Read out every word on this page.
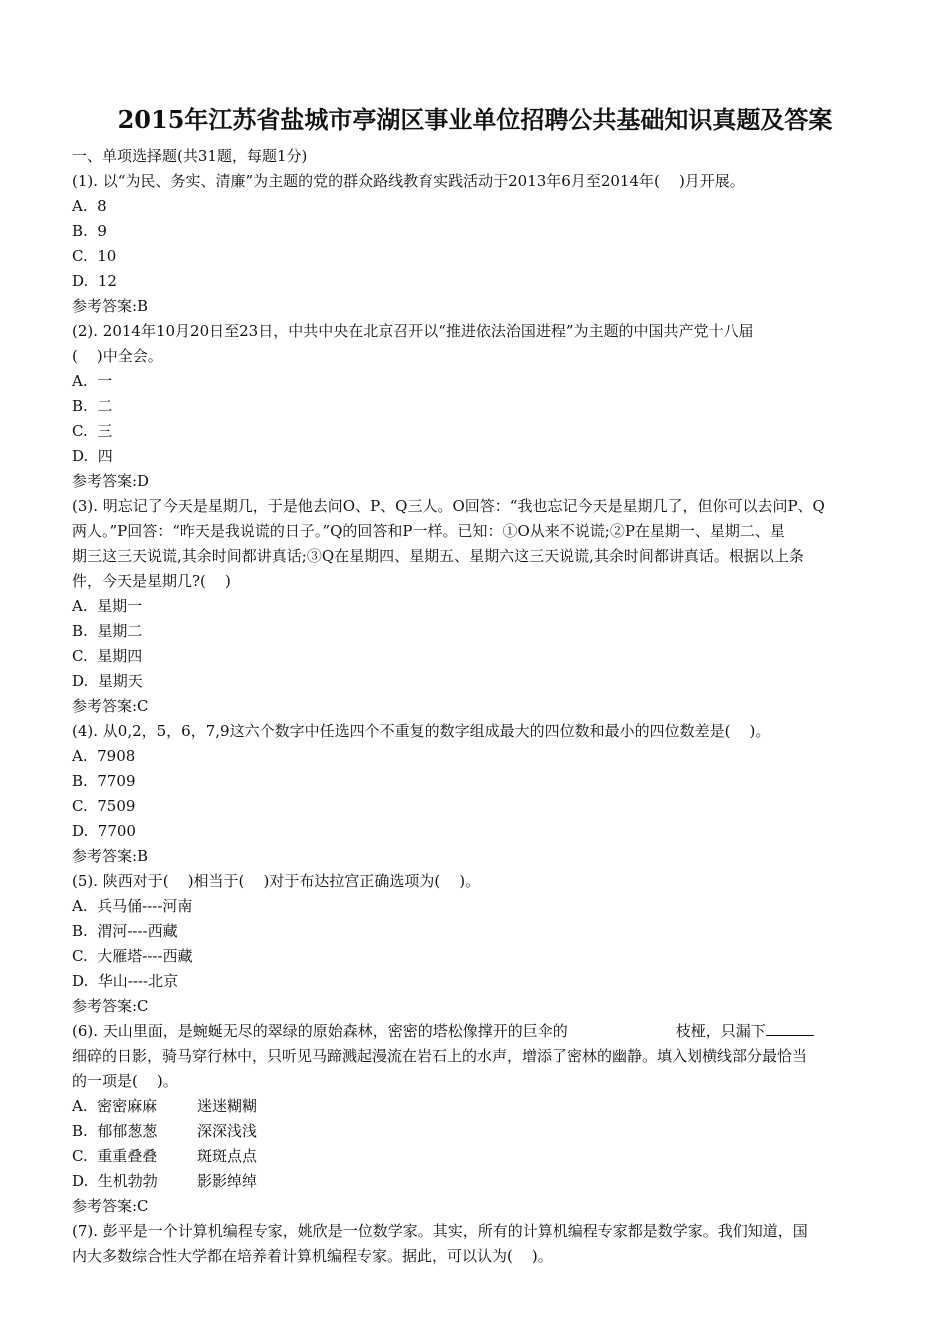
2015年江苏省盐城市亭湖区事业单位招聘公共基础知识真题及答案
一、单项选择题(共31题，每题1分)
(1). 以“为民、务实、清廉”为主题的党的群众路线教育实践活动于2013年6月至2014年(    )月开展。
A.  8
B.  9
C.  10
D.  12
参考答案:B
(2). 2014年10月20日至23日，中共中央在北京召开以“推进依法治国进程”为主题的中国共产党十八届
(    )中全会。
A.  一
B.  二
C.  三
D.  四
参考答案:D
(3). 明忘记了今天是星期几，于是他去问O、P、Q三人。O回答：“我也忘记今天是星期几了，但你可以去问P、Q
两人。”P回答：“昨天是我说谎的日子。”Q的回答和P一样。已知：①O从来不说谎;②P在星期一、星期二、星
期三这三天说谎,其余时间都讲真话;③Q在星期四、星期五、星期六这三天说谎,其余时间都讲真话。根据以上条
件，今天是星期几?(    )
A.  星期一
B.  星期二
C.  星期四
D.  星期天
参考答案:C
(4). 从0,2，5，6，7,9这六个数字中任选四个不重复的数字组成最大的四位数和最小的四位数差是(    )。
A.  7908
B.  7709
C.  7509
D.  7700
参考答案:B
(5). 陕西对于(    )相当于(    )对于布达拉宫正确选项为(    )。
A.  兵马俑----河南
B.  渭河----西藏
C.  大雁塔----西藏
D.  华山----北京
参考答案:C
(6). 天山里面，是蜿蜒无尽的翠绿的原始森林，密密的塔松像撑开的巨伞的	枝桠，只漏下
细碎的日影，骑马穿行林中，只听见马蹄溅起漫流在岩石上的水声，增添了密林的幽静。填入划横线部分最恰当
的一项是(    )。
A.  密密麻麻	迷迷糊糊
B.  郁郁葱葱	深深浅浅
C.  重重叠叠	斑斑点点
D.  生机勃勃	影影绰绰
参考答案:C
(7). 彭平是一个计算机编程专家，姚欣是一位数学家。其实，所有的计算机编程专家都是数学家。我们知道，国
内大多数综合性大学都在培养着计算机编程专家。据此，可以认为(    )。
